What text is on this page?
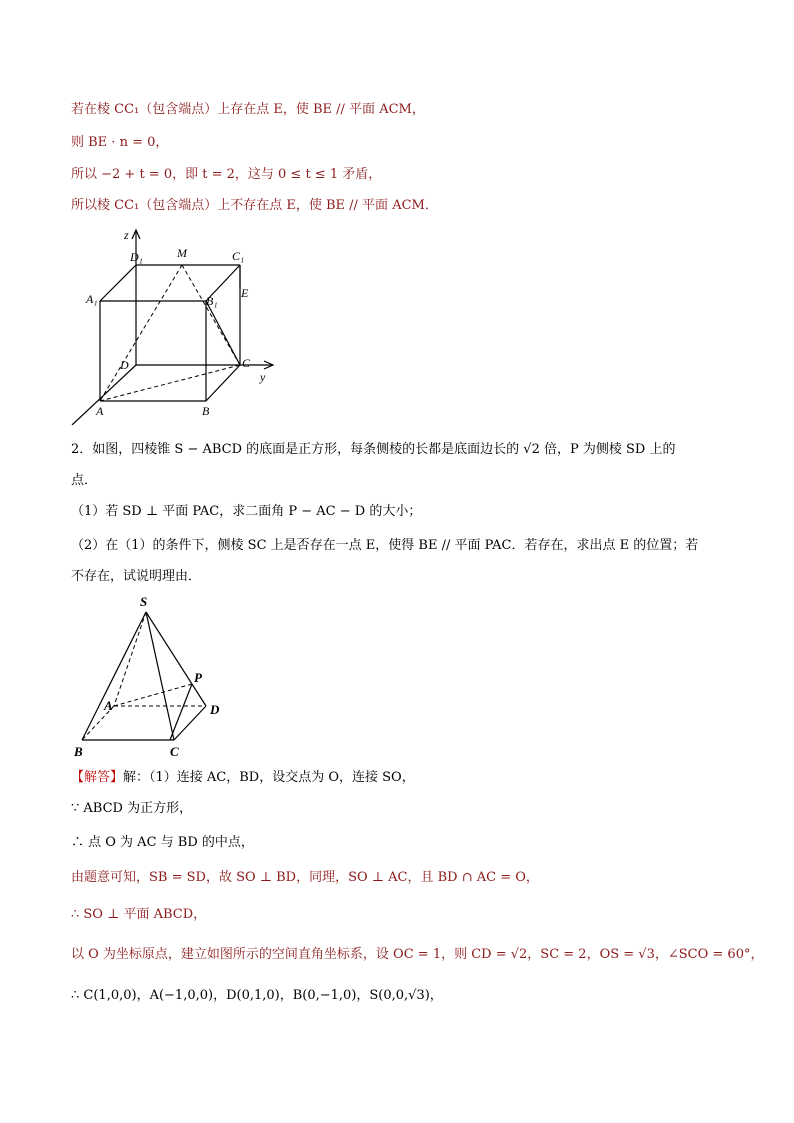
若在棱 CC₁（包含端点）上存在点 E，使 BE // 平面 ACM，
则 BE · n = 0，
所以 −2 + t = 0，即 t = 2，这与 0 ≤ t ≤ 1 矛盾，
所以棱 CC₁（包含端点）上不存在点 E，使 BE // 平面 ACM．
z
y
D₁	M	C₁
A₁	B₁
E
D	C
A	B
2．如图，四棱锥 S − ABCD 的底面是正方形，每条侧棱的长都是底面边长的 √2 倍，P 为侧棱 SD 上的
点．
（1）若 SD ⊥ 平面 PAC，求二面角 P − AC − D 的大小；
（2）在（1）的条件下，侧棱 SC 上是否存在一点 E，使得 BE // 平面 PAC．若存在，求出点 E 的位置；若
不存在，试说明理由．
S
P
A	D
B	C
【解答】解：（1）连接 AC，BD，设交点为 O，连接 SO，
∵ ABCD 为正方形，
∴ 点 O 为 AC 与 BD 的中点，
由题意可知，SB = SD，故 SO ⊥ BD，同理，SO ⊥ AC，且 BD ∩ AC = O，
∴ SO ⊥ 平面 ABCD，
以 O 为坐标原点，建立如图所示的空间直角坐标系，设 OC = 1，则 CD = √2，SC = 2，OS = √3，∠SCO = 60°，
∴ C(1,0,0)，A(−1,0,0)，D(0,1,0)，B(0,−1,0)，S(0,0,√3)，
